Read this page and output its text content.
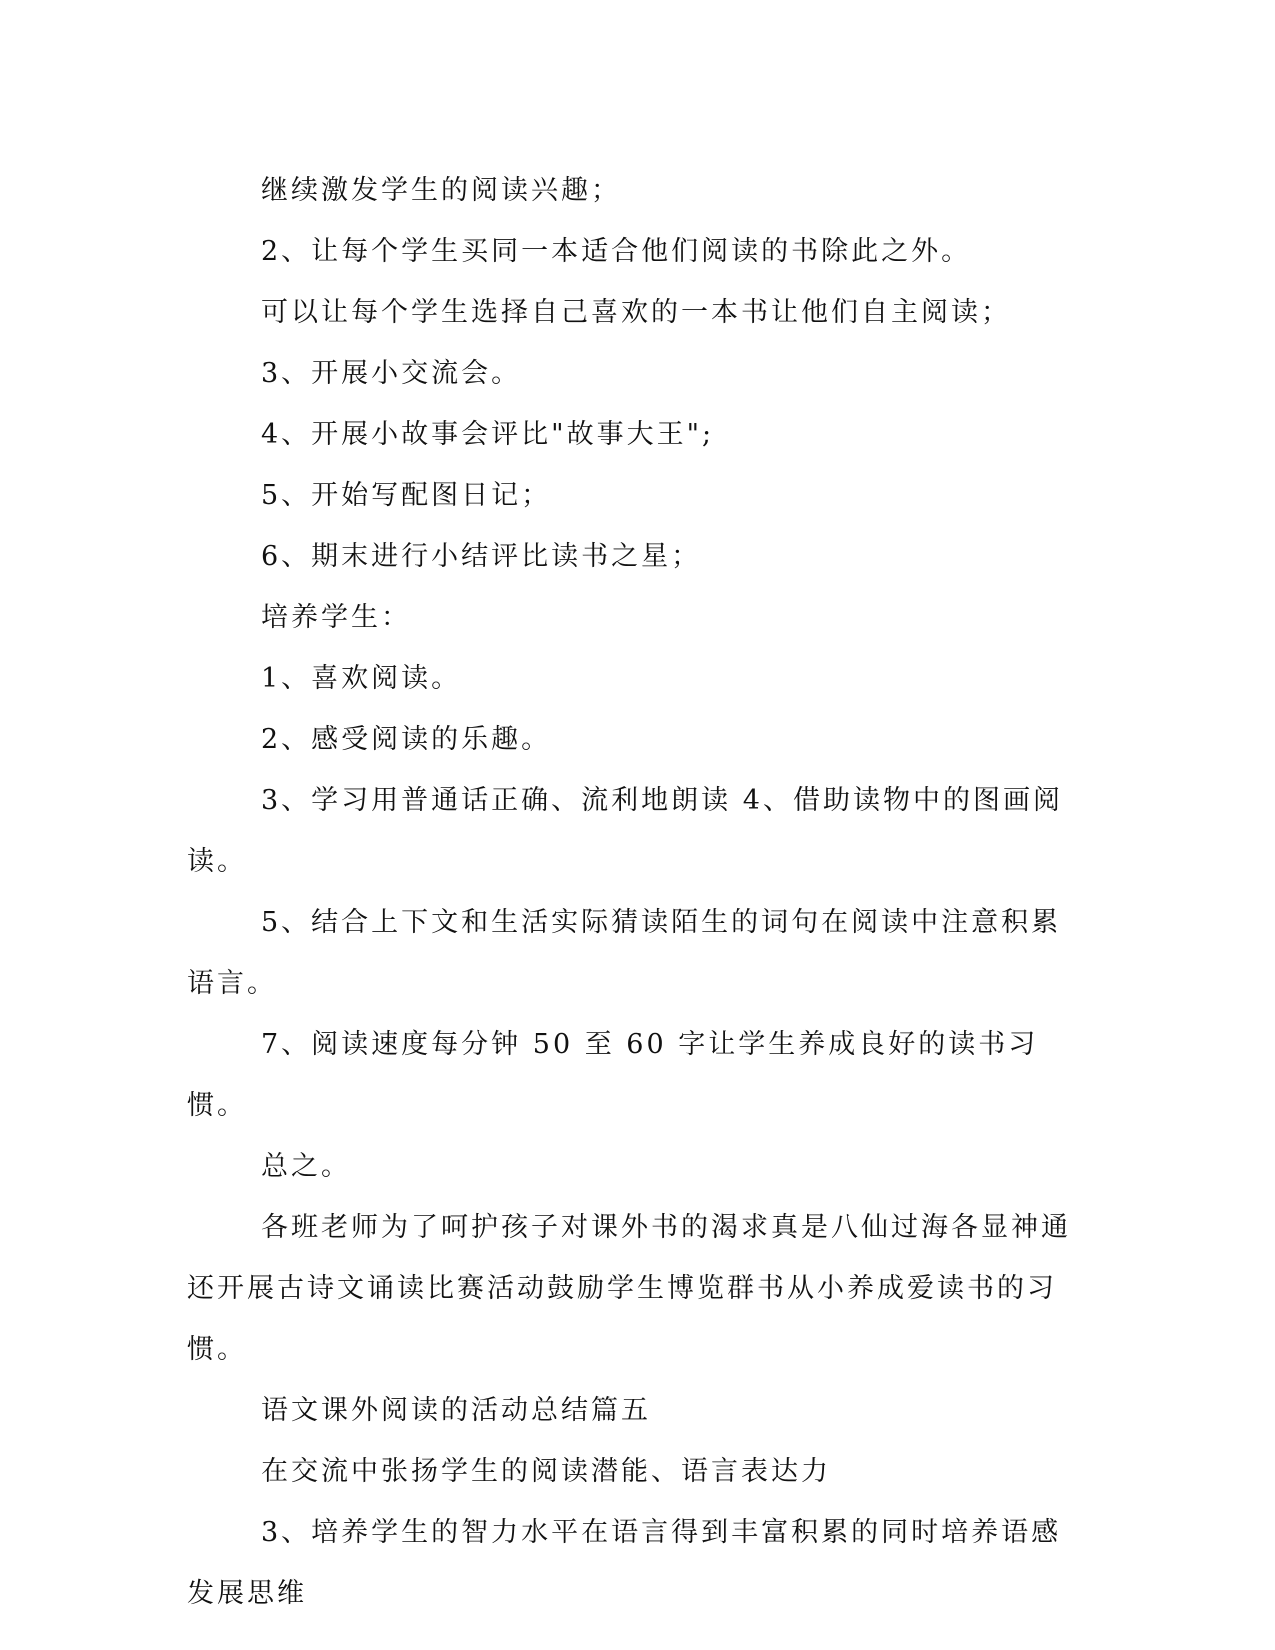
继续激发学生的阅读兴趣；

2、让每个学生买同一本适合他们阅读的书除此之外。

可以让每个学生选择自己喜欢的一本书让他们自主阅读；

3、开展小交流会。

4、开展小故事会评比"故事大王";

5、开始写配图日记；

6、期末进行小结评比读书之星；

培养学生：

1、喜欢阅读。

2、感受阅读的乐趣。

3、学习用普通话正确、流利地朗读 4、借助读物中的图画阅读。

5、结合上下文和生活实际猜读陌生的词句在阅读中注意积累语言。

7、阅读速度每分钟 50 至 60 字让学生养成良好的读书习惯。

总之。

各班老师为了呵护孩子对课外书的渴求真是八仙过海各显神通还开展古诗文诵读比赛活动鼓励学生博览群书从小养成爱读书的习惯。

语文课外阅读的活动总结篇五

在交流中张扬学生的阅读潜能、语言表达力

3、培养学生的智力水平在语言得到丰富积累的同时培养语感发展思维
